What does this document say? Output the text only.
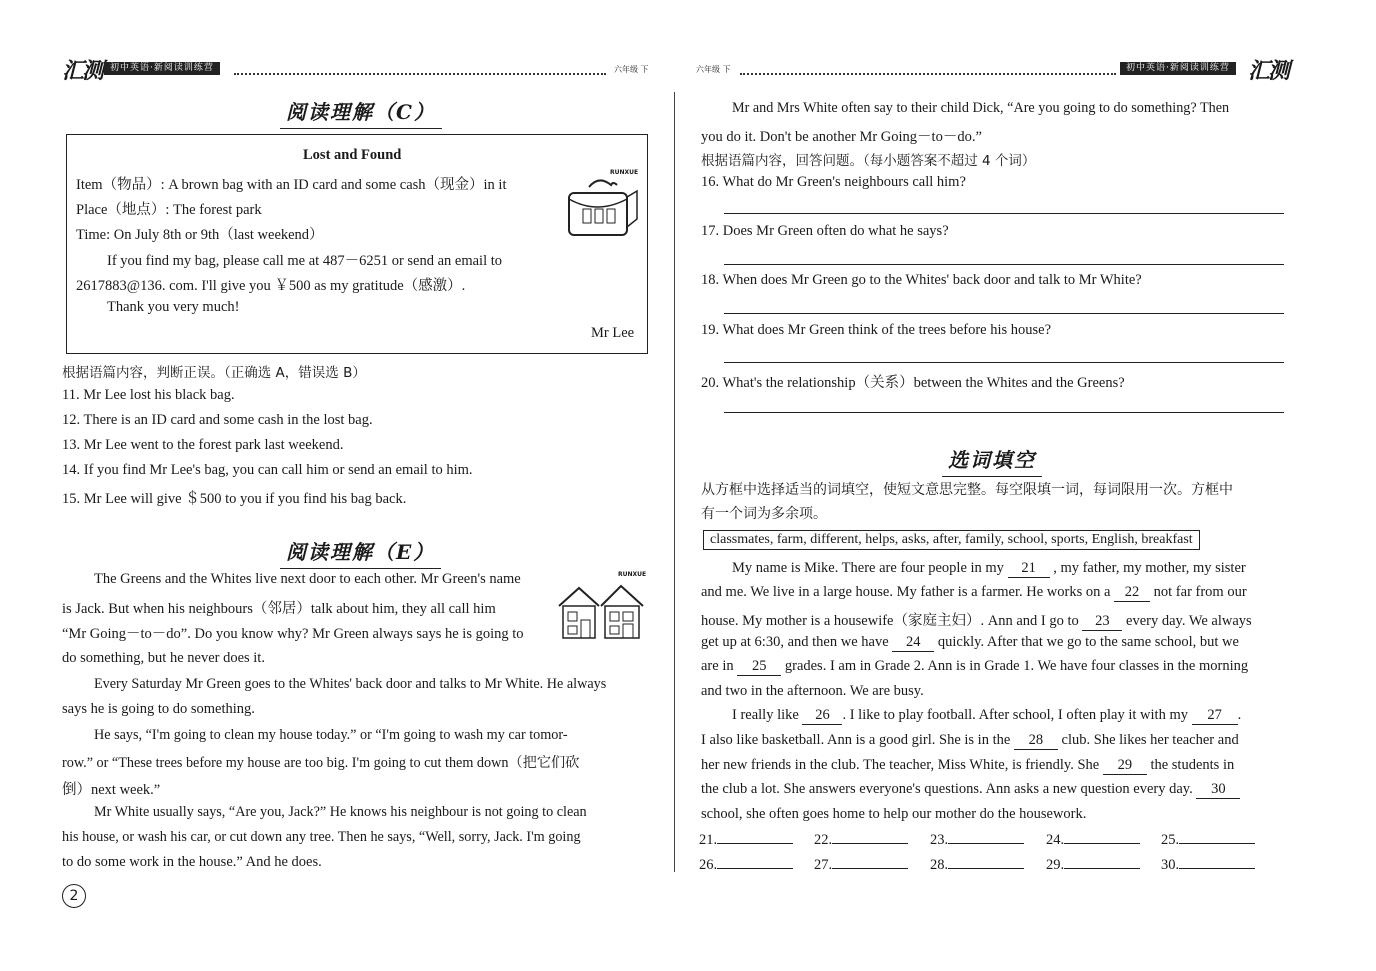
汇测 初中英语·新阅读训练营	六年级 下
阅读理解（C）
Lost and Found
Item（物品）: A brown bag with an ID card and some cash（现金）in it
Place（地点）: The forest park
Time: On July 8th or 9th（last weekend）
If you find my bag, please call me at 487－6251 or send an email to
2617883@136. com. I'll give you ￥500 as my gratitude（感激）.
Thank you very much!
Mr Lee
RUNXUE
根据语篇内容，判断正误。（正确选 A，错误选 B）
11. Mr Lee lost his black bag.
12. There is an ID card and some cash in the lost bag.
13. Mr Lee went to the forest park last weekend.
14. If you find Mr Lee's bag, you can call him or send an email to him.
15. Mr Lee will give ＄500 to you if you find his bag back.
阅读理解（E）
RUNXUE
The Greens and the Whites live next door to each other. Mr Green's name
is Jack. But when his neighbours（邻居）talk about him, they all call him
“Mr Going－to－do”. Do you know why? Mr Green always says he is going to
do something, but he never does it.
Every Saturday Mr Green goes to the Whites' back door and talks to Mr White. He always
says he is going to do something.
He says, “I'm going to clean my house today.” or “I'm going to wash my car tomor-
row.” or “These trees before my house are too big. I'm going to cut them down（把它们砍
倒）next week.”
Mr White usually says, “Are you, Jack?” He knows his neighbour is not going to clean
his house, or wash his car, or cut down any tree. Then he says, “Well, sorry, Jack. I'm going
to do some work in the house.” And he does.
2
六年级 下	初中英语·新阅读训练营 汇测
Mr and Mrs White often say to their child Dick, “Are you going to do something? Then
you do it. Don't be another Mr Going－to－do.”
根据语篇内容，回答问题。（每小题答案不超过 4 个词）
16. What do Mr Green's neighbours call him?
17. Does Mr Green often do what he says?
18. When does Mr Green go to the Whites' back door and talk to Mr White?
19. What does Mr Green think of the trees before his house?
20. What's the relationship（关系）between the Whites and the Greens?
选词填空
从方框中选择适当的词填空，使短文意思完整。每空限填一词，每词限用一次。方框中
有一个词为多余项。
classmates, farm, different, helps, asks, after, family, school, sports, English, breakfast
My name is Mike. There are four people in my 21 , my father, my mother, my sister
and me. We live in a large house. My father is a farmer. He works on a 22 not far from our
house. My mother is a housewife（家庭主妇）. Ann and I go to 23 every day. We always
get up at 6:30, and then we have 24 quickly. After that we go to the same school, but we
are in 25 grades. I am in Grade 2. Ann is in Grade 1. We have four classes in the morning
and two in the afternoon. We are busy.
I really like 26 . I like to play football. After school, I often play it with my 27 .
I also like basketball. Ann is a good girl. She is in the 28 club. She likes her teacher and
her new friends in the club. The teacher, Miss White, is friendly. She 29 the students in
the club a lot. She answers everyone's questions. Ann asks a new question every day. 30
school, she often goes home to help our mother do the housework.
21.	22.	23.	24.	25.
26.	27.	28.	29.	30.
